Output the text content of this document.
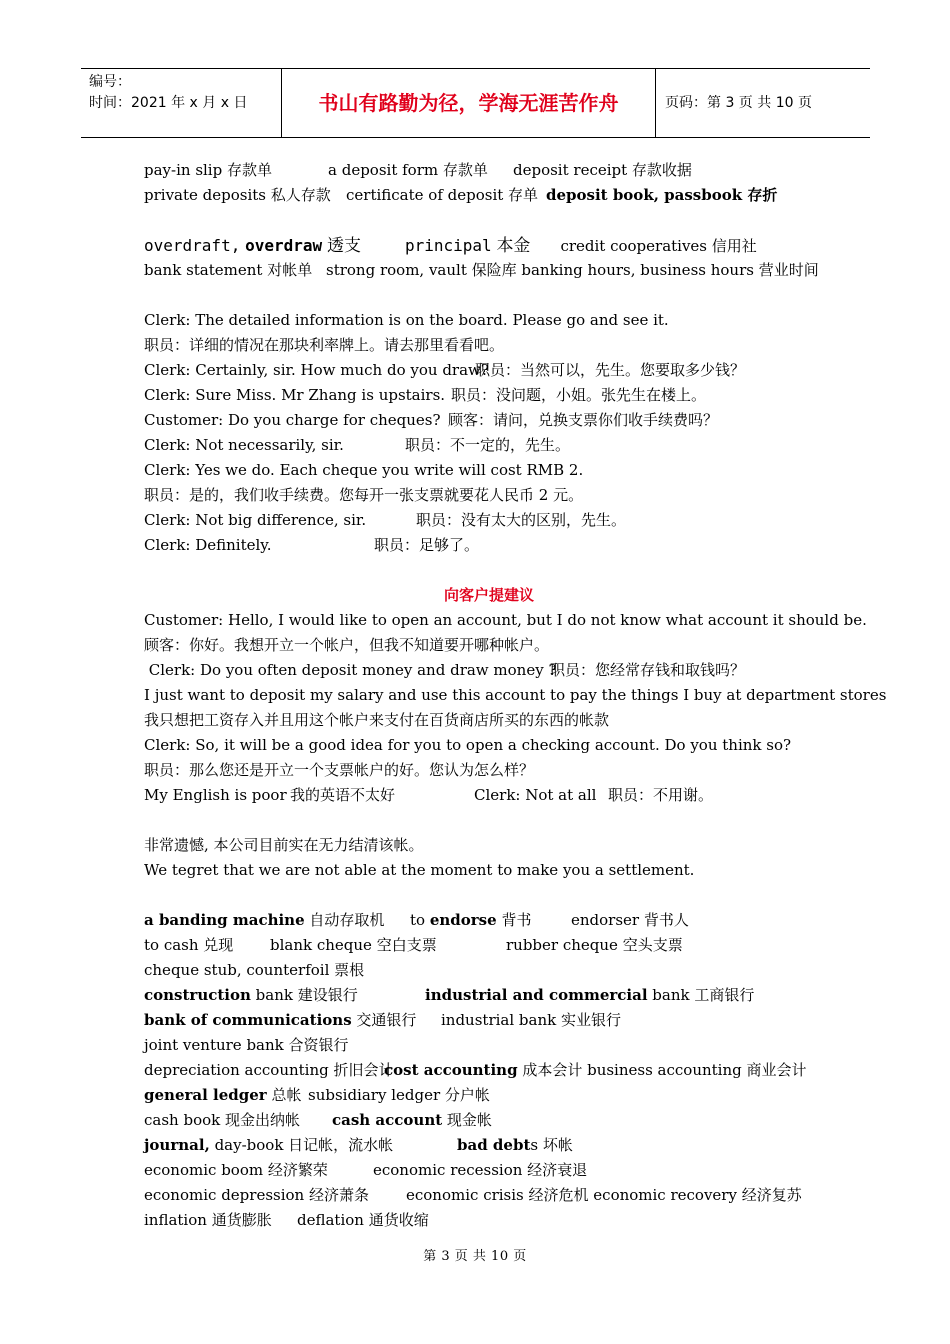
编号：
时间：2021 年 x 月 x 日	书山有路勤为径，学海无涯苦作舟	页码：第 3 页 共 10 页
pay-in slip 存款单	a deposit form 存款单 deposit receipt 存款收据
private deposits 私人存款 certificate of deposit 存单 deposit book, passbook 存折
overdraft, overdraw 透支	principal 本金 credit cooperatives 信用社
bank statement 对帐单 strong room, vault 保险库 banking hours, business hours 营业时间
Clerk: The detailed information is on the board. Please go and see it.
职员：详细的情况在那块利率牌上。请去那里看看吧。
Clerk: Certainly, sir. How much do you draw?职员：当然可以，先生。您要取多少钱？
Clerk: Sure Miss. Mr Zhang is upstairs. 职员：没问题，小姐。张先生在楼上。
Customer: Do you charge for cheques? 顾客：请问，兑换支票你们收手续费吗？
Clerk: Not necessarily, sir.	职员：不一定的，先生。
Clerk: Yes we do. Each cheque you write will cost RMB 2.
职员：是的，我们收手续费。您每开一张支票就要花人民币 2 元。
Clerk: Not big difference, sir.	职员：没有太大的区别，先生。
Clerk: Definitely.	职员：足够了。
向客户提建议
Customer: Hello, I would like to open an account, but I do not know what account it should be.
顾客：你好。我想开立一个帐户，但我不知道要开哪种帐户。
Clerk: Do you often deposit money and draw money ?职员：您经常存钱和取钱吗？
I just want to deposit my salary and use this account to pay the things I buy at department stores
我只想把工资存入并且用这个帐户来支付在百货商店所买的东西的帐款
Clerk: So, it will be a good idea for you to open a checking account. Do you think so?
职员：那么您还是开立一个支票帐户的好。您认为怎么样？
My English is poor 我的英语不太好	Clerk: Not at all 职员：不用谢。
非常遗憾, 本公司目前实在无力结清该帐。
We tegret that we are not able at the moment to make you a settlement.
a banding machine 自动存取机 to endorse 背书	endorser 背书人
to cash 兑现 blank cheque 空白支票	rubber cheque 空头支票
cheque stub, counterfoil 票根
construction bank 建设银行	industrial and commercial bank 工商银行
bank of communications 交通银行 industrial bank 实业银行
joint venture bank 合资银行
depreciation accounting 折旧会计cost accounting 成本会计 business accounting 商业会计
general ledger 总帐 subsidiary ledger 分户帐
cash book 现金出纳帐 cash account 现金帐
journal, day-book 日记帐，流水帐	bad debts 坏帐
economic boom 经济繁荣	economic recession 经济衰退
economic depression 经济萧条 economic crisis 经济危机 economic recovery 经济复苏
inflation 通货膨胀 deflation 通货收缩
第 3 页 共 10 页
